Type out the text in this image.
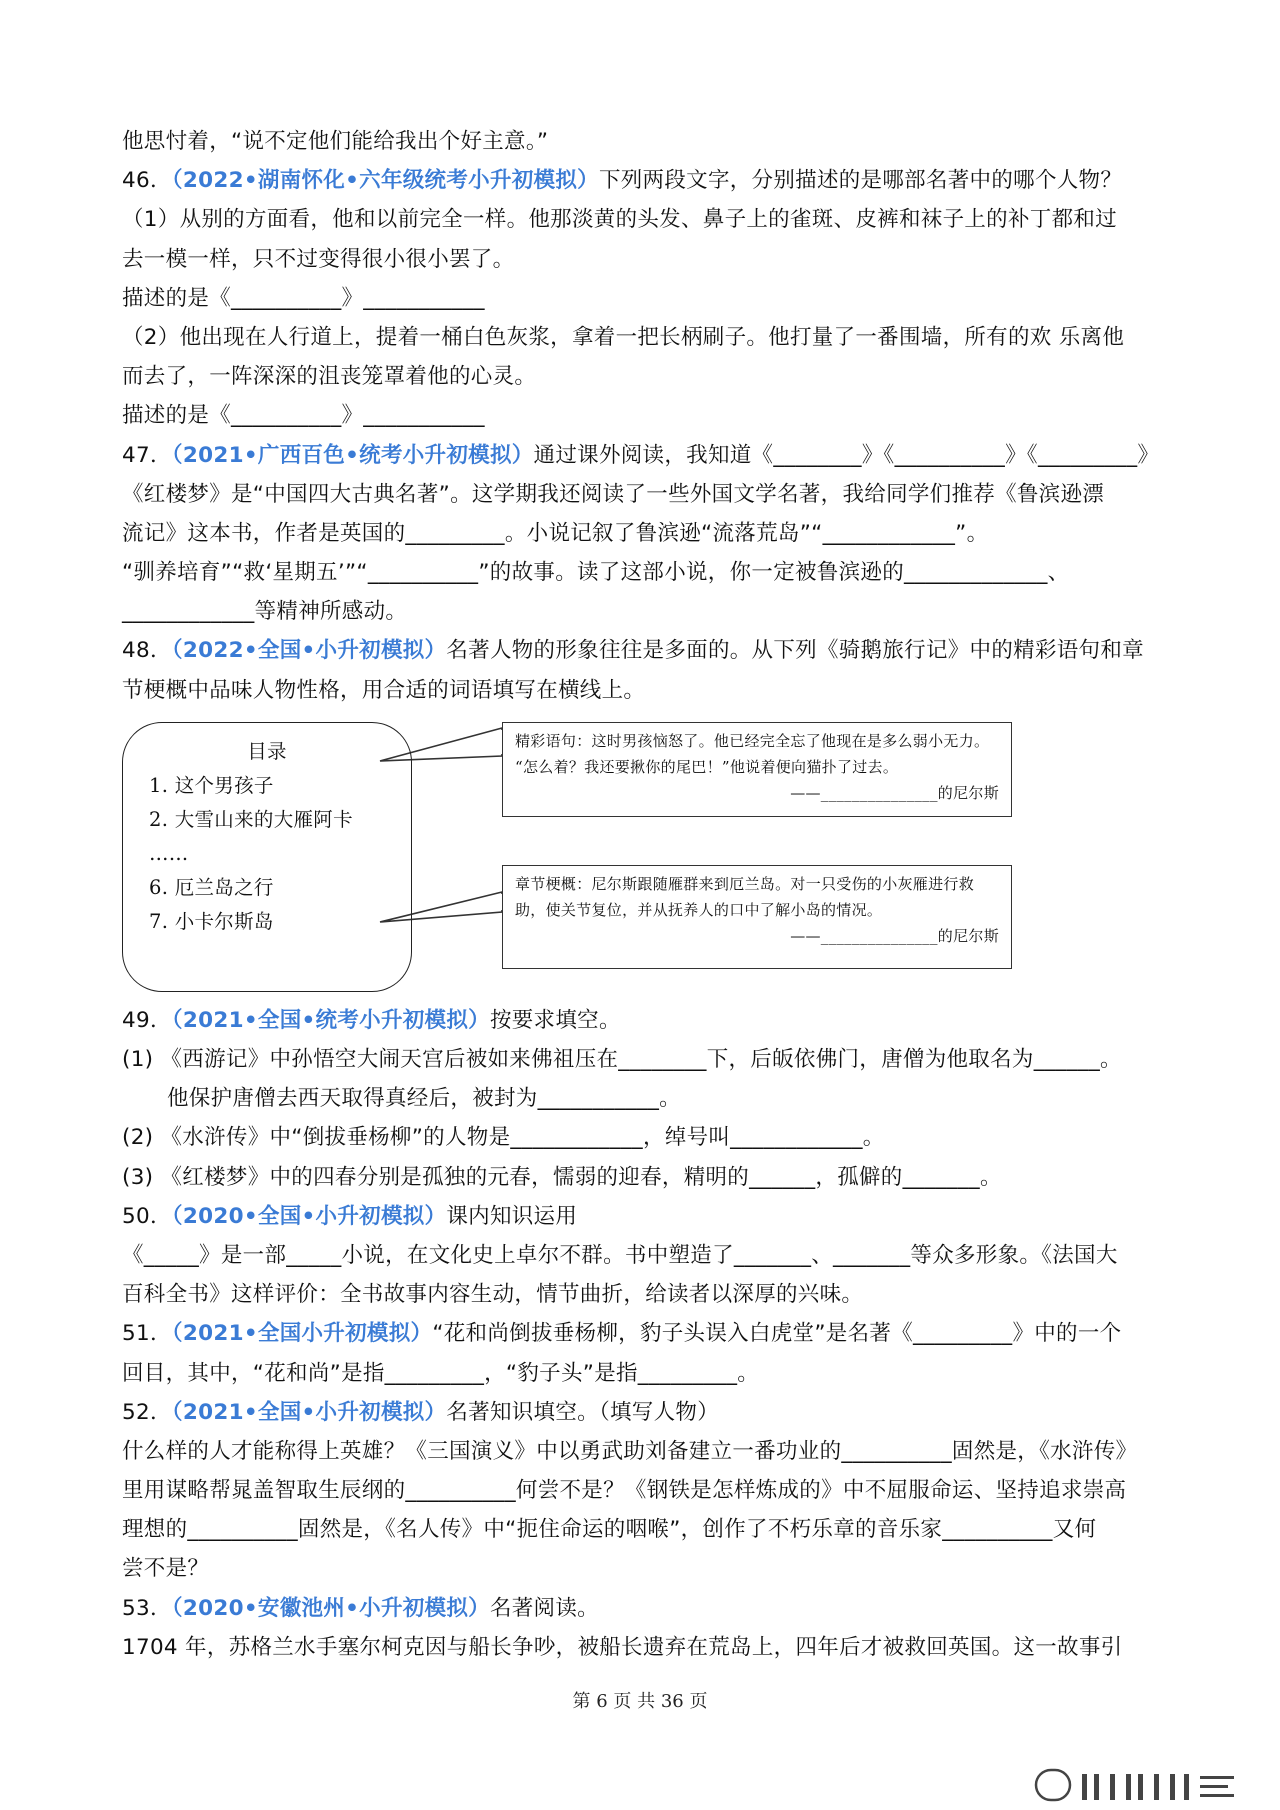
他思忖着，“说不定他们能给我出个好主意。”
46．（2022•湖南怀化•六年级统考小升初模拟）下列两段文字，分别描述的是哪部名著中的哪个人物？
（1）从别的方面看，他和以前完全一样。他那淡黄的头发、鼻子上的雀斑、皮裤和袜子上的补丁都和过
去一模一样，只不过变得很小很小罢了。
描述的是《__________》___________
（2）他出现在人行道上，提着一桶白色灰浆，拿着一把长柄刷子。他打量了一番围墙，所有的欢 乐离他
而去了，一阵深深的沮丧笼罩着他的心灵。
描述的是《__________》___________
47．（2021•广西百色•统考小升初模拟）通过课外阅读，我知道《________》《__________》《_________》
《红楼梦》是“中国四大古典名著”。这学期我还阅读了一些外国文学名著，我给同学们推荐《鲁滨逊漂
流记》这本书，作者是英国的_________。小说记叙了鲁滨逊“流落荒岛”“____________”。
“驯养培育”“救‘星期五’”“__________”的故事。读了这部小说，你一定被鲁滨逊的_____________、
____________等精神所感动。
48．（2022•全国•小升初模拟）名著人物的形象往往是多面的。从下列《骑鹅旅行记》中的精彩语句和章
节梗概中品味人物性格，用合适的词语填写在横线上。
目录
1. 这个男孩子
2. 大雪山来的大雁阿卡
……
6. 厄兰岛之行
7. 小卡尔斯岛
精彩语句：这时男孩恼怒了。他已经完全忘了他现在是多么弱小无力。
“怎么着？我还要揪你的尾巴！”他说着便向猫扑了过去。
——_______________的尼尔斯
章节梗概：尼尔斯跟随雁群来到厄兰岛。对一只受伤的小灰雁进行救
助，使关节复位，并从抚养人的口中了解小岛的情况。
——_______________的尼尔斯
49．（2021•全国•统考小升初模拟）按要求填空。
(1) 《西游记》中孙悟空大闹天宫后被如来佛祖压在________下，后皈依佛门，唐僧为他取名为______。
他保护唐僧去西天取得真经后，被封为___________。
(2) 《水浒传》中“倒拔垂杨柳”的人物是____________，绰号叫____________。
(3) 《红楼梦》中的四春分别是孤独的元春，懦弱的迎春，精明的______，孤僻的_______。
50．（2020•全国•小升初模拟）课内知识运用
《_____》是一部_____小说，在文化史上卓尔不群。书中塑造了_______、_______等众多形象。《法国大
百科全书》这样评价：全书故事内容生动，情节曲折，给读者以深厚的兴味。
51．（2021•全国小升初模拟）“花和尚倒拔垂杨柳，豹子头误入白虎堂”是名著《_________》中的一个
回目，其中，“花和尚”是指_________，“豹子头”是指_________。
52．（2021•全国•小升初模拟）名著知识填空。（填写人物）
什么样的人才能称得上英雄？《三国演义》中以勇武助刘备建立一番功业的__________固然是，《水浒传》
里用谋略帮晁盖智取生辰纲的__________何尝不是？《钢铁是怎样炼成的》中不屈服命运、坚持追求崇高
理想的__________固然是，《名人传》中“扼住命运的咽喉”，创作了不朽乐章的音乐家__________又何
尝不是？
53．（2020•安徽池州•小升初模拟）名著阅读。
1704 年，苏格兰水手塞尔柯克因与船长争吵，被船长遗弃在荒岛上，四年后才被救回英国。这一故事引
第 6 页 共 36 页
